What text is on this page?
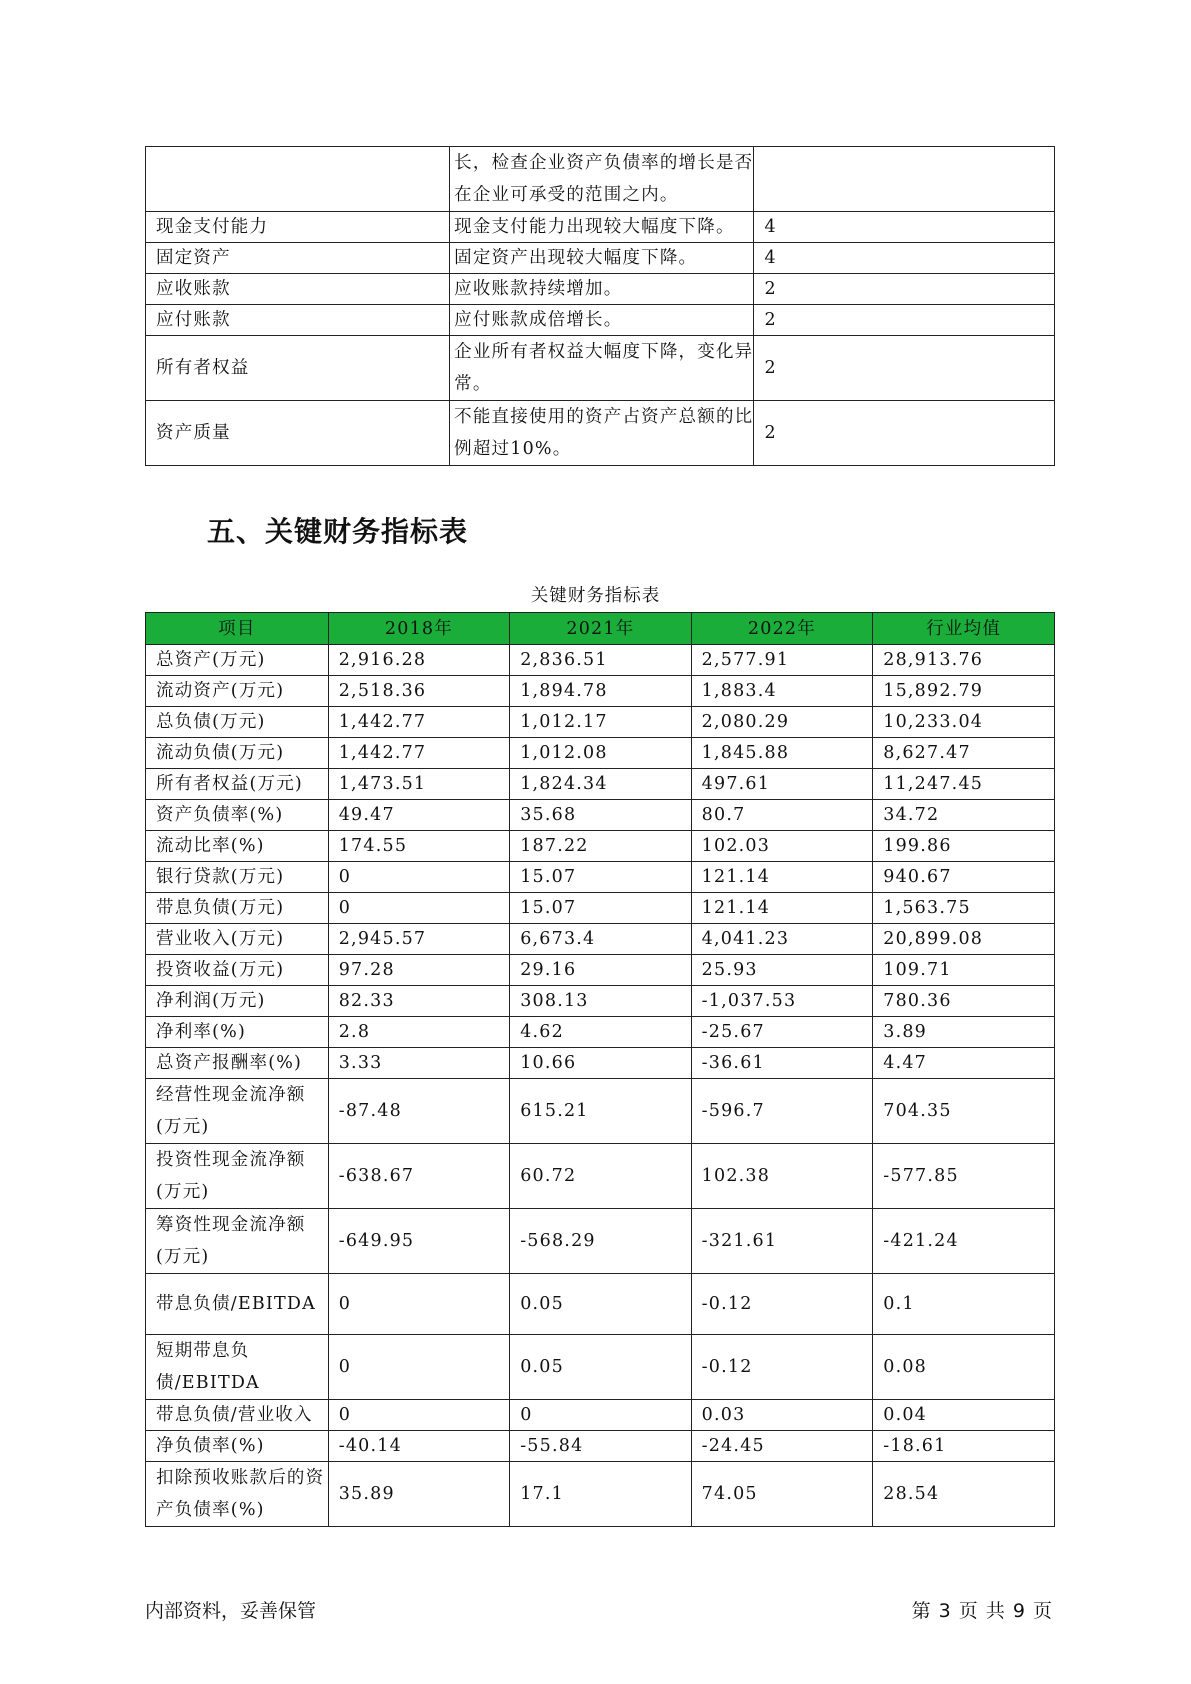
	长，检查企业资产负债率的增长是否在企业可承受的范围之内。	
现金支付能力	现金支付能力出现较大幅度下降。	4
固定资产	固定资产出现较大幅度下降。	4
应收账款	应收账款持续增加。	2
应付账款	应付账款成倍增长。	2
所有者权益	企业所有者权益大幅度下降，变化异常。	2
资产质量	不能直接使用的资产占资产总额的比例超过10%。	2
五、关键财务指标表
关键财务指标表
项目	2018年	2021年	2022年	行业均值
总资产(万元)	2,916.28	2,836.51	2,577.91	28,913.76
流动资产(万元)	2,518.36	1,894.78	1,883.4	15,892.79
总负债(万元)	1,442.77	1,012.17	2,080.29	10,233.04
流动负债(万元)	1,442.77	1,012.08	1,845.88	8,627.47
所有者权益(万元)	1,473.51	1,824.34	497.61	11,247.45
资产负债率(%)	49.47	35.68	80.7	34.72
流动比率(%)	174.55	187.22	102.03	199.86
银行贷款(万元)	0	15.07	121.14	940.67
带息负债(万元)	0	15.07	121.14	1,563.75
营业收入(万元)	2,945.57	6,673.4	4,041.23	20,899.08
投资收益(万元)	97.28	29.16	25.93	109.71
净利润(万元)	82.33	308.13	-1,037.53	780.36
净利率(%)	2.8	4.62	-25.67	3.89
总资产报酬率(%)	3.33	10.66	-36.61	4.47
经营性现金流净额(万元)	-87.48	615.21	-596.7	704.35
投资性现金流净额(万元)	-638.67	60.72	102.38	-577.85
筹资性现金流净额(万元)	-649.95	-568.29	-321.61	-421.24
带息负债/EBITDA	0	0.05	-0.12	0.1
短期带息负债/EBITDA	0	0.05	-0.12	0.08
带息负债/营业收入	0	0	0.03	0.04
净负债率(%)	-40.14	-55.84	-24.45	-18.61
扣除预收账款后的资产负债率(%)	35.89	17.1	74.05	28.54
内部资料，妥善保管	第 3 页 共 9 页
